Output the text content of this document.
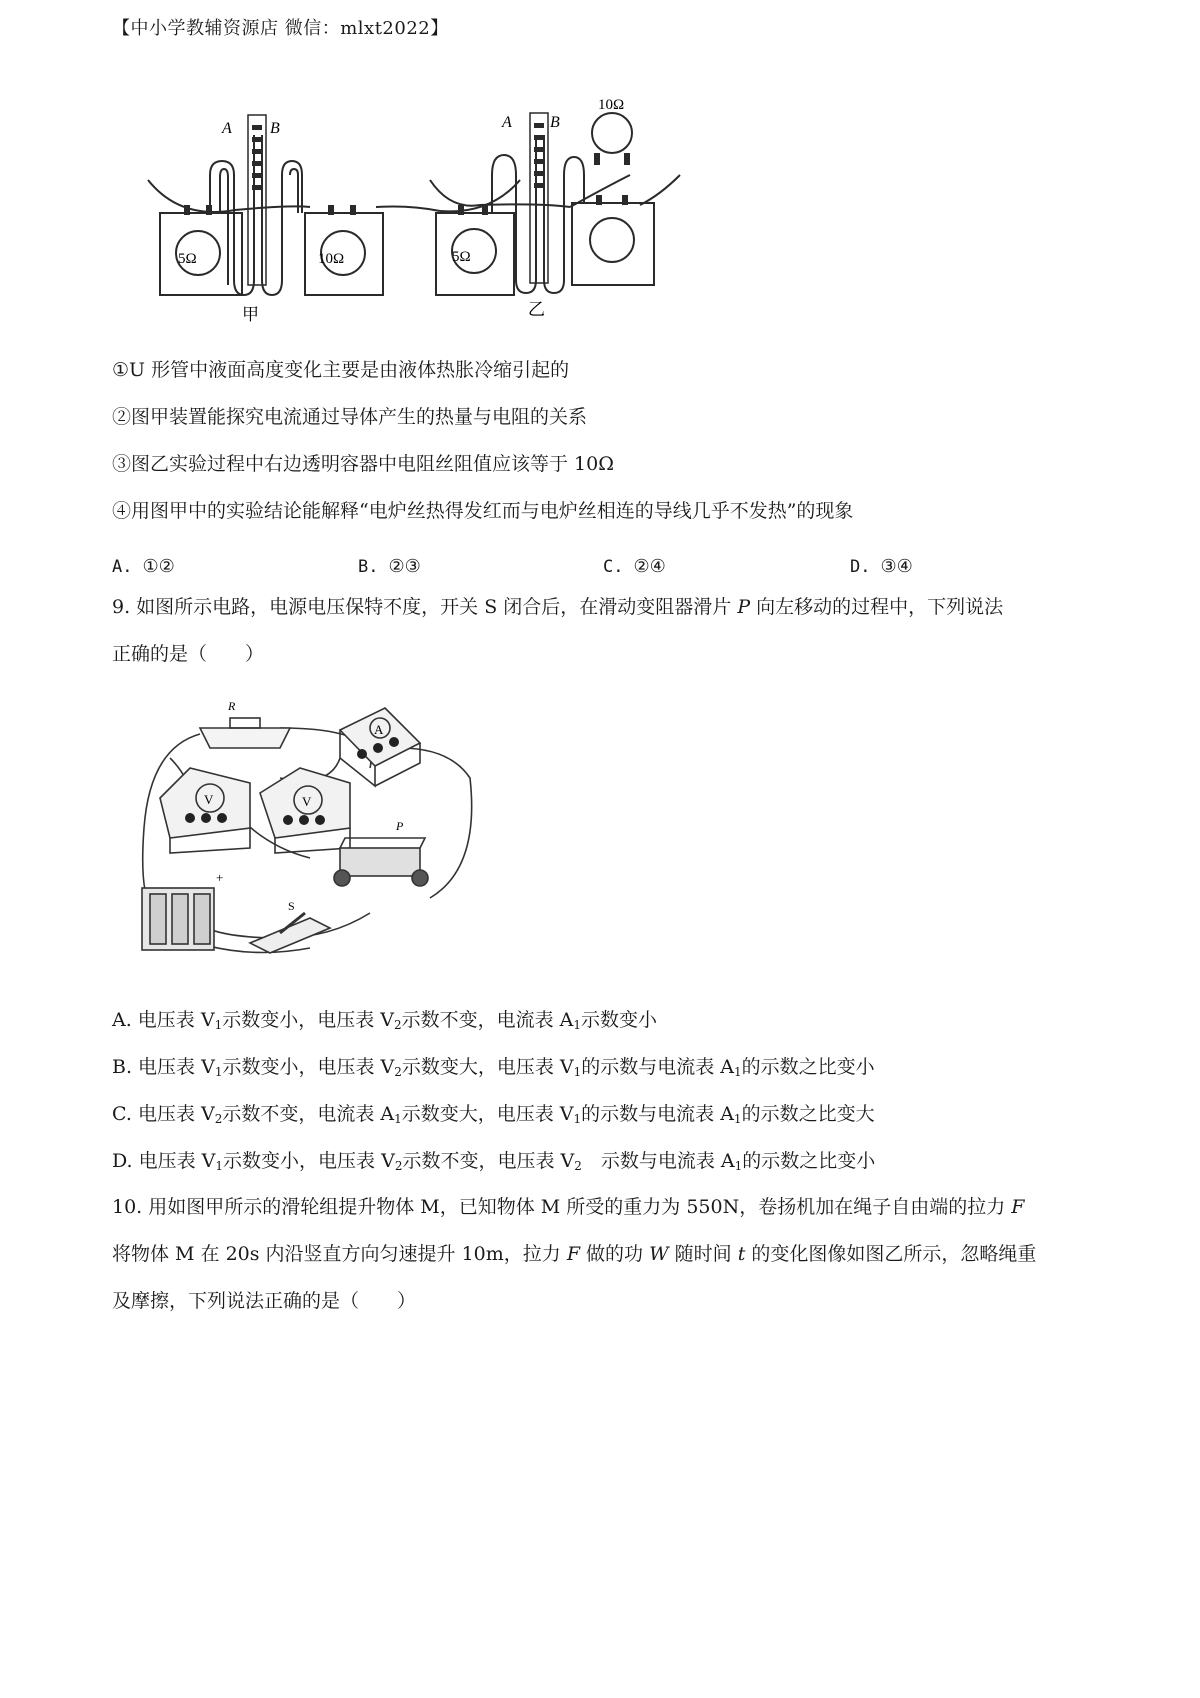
【中小学教辅资源店 微信：mlxt2022】
A B
5Ω	10Ω
甲
A B
5Ω
10Ω
乙
①U 形管中液面高度变化主要是由液体热胀冷缩引起的
②图甲装置能探究电流通过导体产生的热量与电阻的关系
③图乙实验过程中右边透明容器中电阻丝阻值应该等于 10Ω
④用图甲中的实验结论能解释“电炉丝热得发红而与电炉丝相连的导线几乎不发热”的现象
A. ①②	B. ②③	C. ②④	D. ③④
9. 如图所示电路，电源电压保特不度，开关 S 闭合后，在滑动变阻器滑片 P 向左移动的过程中，下列说法
正确的是（　　）
R
A
V	V
P
S
+
A. 电压表 $V_1$示数变小，电压表 $V_2$示数不变，电流表 $A_1$示数变小
B. 电压表 $V_1$示数变小，电压表 $V_2$示数变大，电压表 $V_1$的示数与电流表 $A_1$的示数之比变小
C. 电压表 $V_2$示数不变，电流表 $A_1$示数变大，电压表 $V_1$的示数与电流表 $A_1$的示数之比变大
D. 电压表 $V_1$示数变小，电压表 $V_2$示数不变，电压表 $V_2$　示数与电流表 $A_1$的示数之比变小
10. 用如图甲所示的滑轮组提升物体 M，已知物体 M 所受的重力为 550N，卷扬机加在绳子自由端的拉力 F
将物体 M 在 20s 内沿竖直方向匀速提升 10m，拉力 F 做的功 W 随时间 t 的变化图像如图乙所示，忽略绳重
及摩擦，下列说法正确的是（　　）
